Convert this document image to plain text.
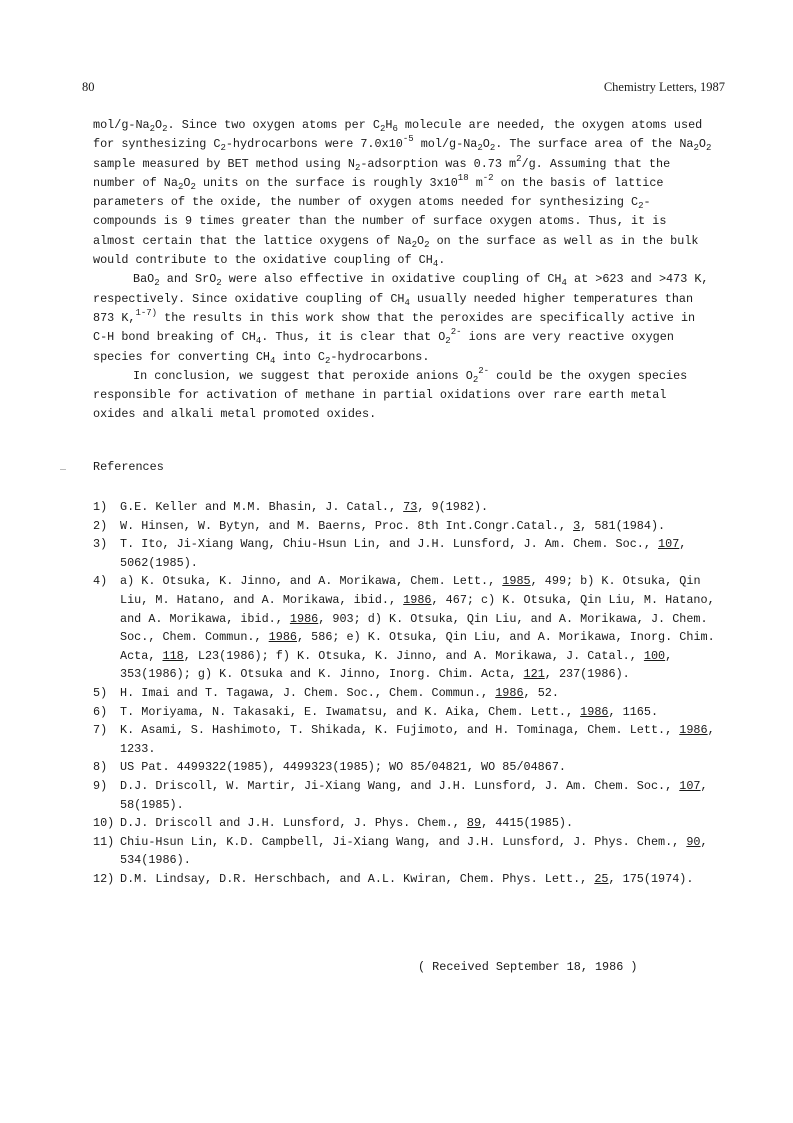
80	Chemistry Letters, 1987

mol/$g-Na_2O_2$. Since two oxygen atoms per $C_2H_6$ molecule are needed, the oxygen atoms used for synthesizing $C_2$-hydrocarbons were $7.0x10^{-5}$ mol/$g-Na_2O_2$. The surface area of the $Na_2O_2$ sample measured by BET method using $N_2$-adsorption was 0.73 $m^2/g$. Assuming that the number of $Na_2O_2$ units on the surface is roughly $3x10^{18}$ $m^{-2}$ on the basis of lattice parameters of the oxide, the number of oxygen atoms needed for synthesizing $C_2$-compounds is 9 times greater than the number of surface oxygen atoms. Thus, it is almost certain that the lattice oxygens of $Na_2O_2$ on the surface as well as in the bulk would contribute to the oxidative coupling of $CH_4$.

BaO$_2$ and SrO$_2$ were also effective in oxidative coupling of $CH_4$ at >623 and >473 K, respectively. Since oxidative coupling of $CH_4$ usually needed higher temperatures than 873 K,$^{1-7)}$ the results in this work show that the peroxides are specifically active in C-H bond breaking of $CH_4$. Thus, it is clear that $O_2^{2-}$ ions are very reactive oxygen species for converting $CH_4$ into $C_2$-hydrocarbons.

In conclusion, we suggest that peroxide anions $O_2^{2-}$ could be the oxygen species responsible for activation of methane in partial oxidations over rare earth metal oxides and alkali metal promoted oxides.

References

1) G.E. Keller and M.M. Bhasin, J. Catal., 73, 9(1982).

2) W. Hinsen, W. Bytyn, and M. Baerns, Proc. 8th Int.Congr.Catal., 3, 581(1984).

3) T. Ito, Ji-Xiang Wang, Chiu-Hsun Lin, and J.H. Lunsford, J. Am. Chem. Soc., 107, 5062(1985).

4) a) K. Otsuka, K. Jinno, and A. Morikawa, Chem. Lett., 1985, 499; b) K. Otsuka, Qin Liu, M. Hatano, and A. Morikawa, ibid., 1986, 467; c) K. Otsuka, Qin Liu, M. Hatano, and A. Morikawa, ibid., 1986, 903; d) K. Otsuka, Qin Liu, and A. Morikawa, J. Chem. Soc., Chem. Commun., 1986, 586; e) K. Otsuka, Qin Liu, and A. Morikawa, Inorg. Chim. Acta, 118, L23(1986); f) K. Otsuka, K. Jinno, and A. Morikawa, J. Catal., 100, 353(1986); g) K. Otsuka and K. Jinno, Inorg. Chim. Acta, 121, 237(1986).

5) H. Imai and T. Tagawa, J. Chem. Soc., Chem. Commun., 1986, 52.

6) T. Moriyama, N. Takasaki, E. Iwamatsu, and K. Aika, Chem. Lett., 1986, 1165.

7) K. Asami, S. Hashimoto, T. Shikada, K. Fujimoto, and H. Tominaga, Chem. Lett., 1986, 1233.

8) US Pat. 4499322(1985), 4499323(1985); WO 85/04821, WO 85/04867.

9) D.J. Driscoll, W. Martir, Ji-Xiang Wang, and J.H. Lunsford, J. Am. Chem. Soc., 107, 58(1985).

10) D.J. Driscoll and J.H. Lunsford, J. Phys. Chem., 89, 4415(1985).

11) Chiu-Hsun Lin, K.D. Campbell, Ji-Xiang Wang, and J.H. Lunsford, J. Phys. Chem., 90, 534(1986).

12) D.M. Lindsay, D.R. Herschbach, and A.L. Kwiran, Chem. Phys. Lett., 25, 175(1974).

( Received September 18, 1986 )
